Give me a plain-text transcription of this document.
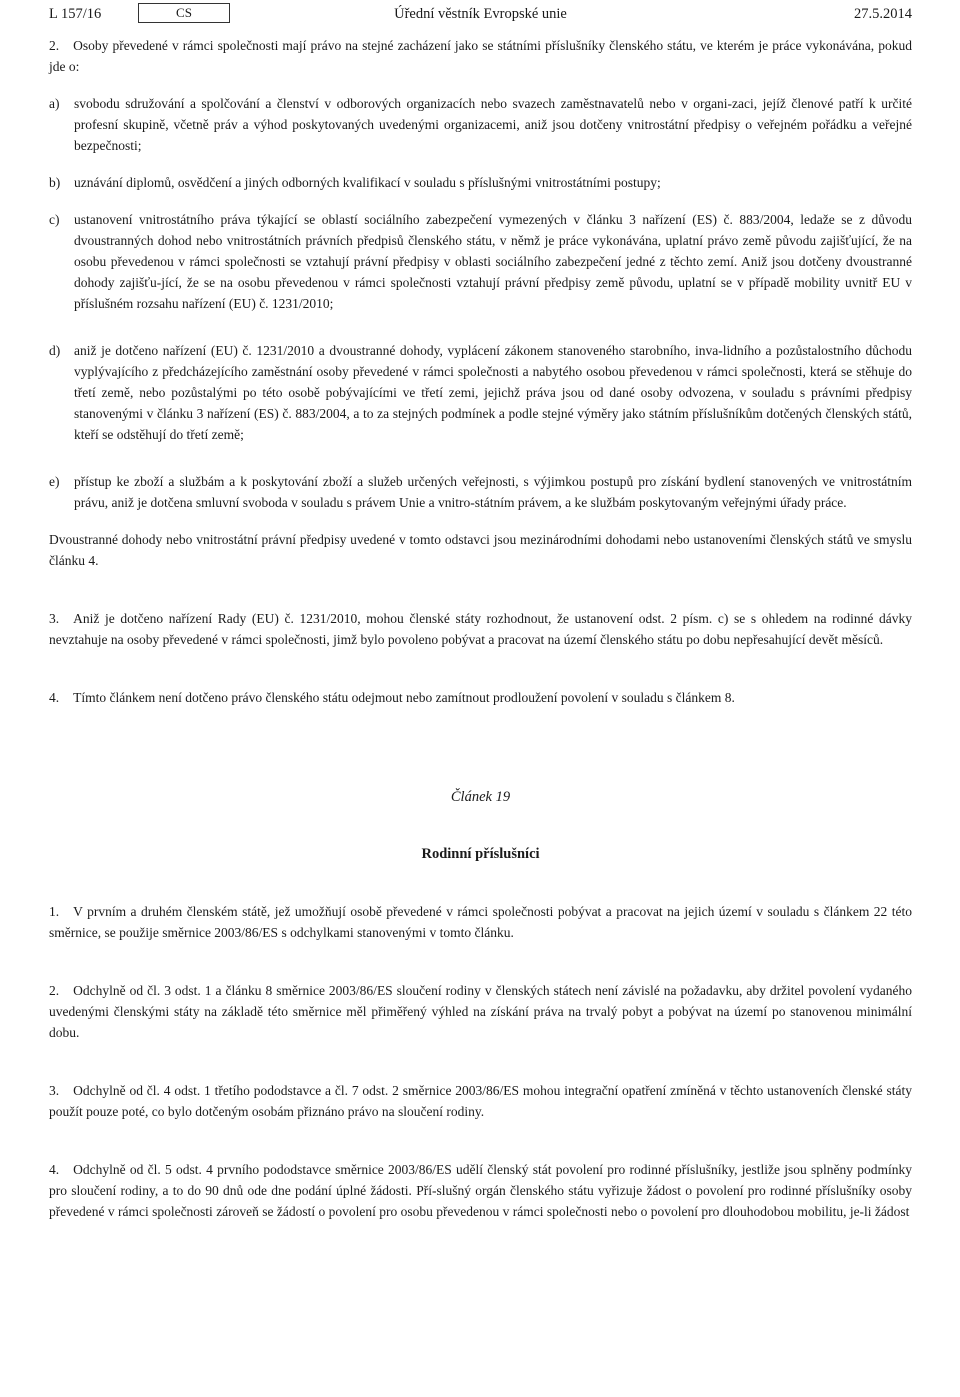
L 157/16	CS	Úřední věstník Evropské unie	27.5.2014

2. Osoby převedené v rámci společnosti mají právo na stejné zacházení jako se státními příslušníky členského státu, ve kterém je práce vykonávána, pokud jde o:

a)	svobodu sdružování a spolčování a členství v odborových organizacích nebo svazech zaměstnavatelů nebo v organi-zaci, jejíž členové patří k určité profesní skupině, včetně práv a výhod poskytovaných uvedenými organizacemi, aniž jsou dotčeny vnitrostátní předpisy o veřejném pořádku a veřejné bezpečnosti;
b)	uznávání diplomů, osvědčení a jiných odborných kvalifikací v souladu s příslušnými vnitrostátními postupy;
c)	ustanovení vnitrostátního práva týkající se oblastí sociálního zabezpečení vymezených v článku 3 nařízení (ES) č. 883/2004, ledaže se z důvodu dvoustranných dohod nebo vnitrostátních právních předpisů členského státu, v němž je práce vykonávána, uplatní právo země původu zajišťující, že na osobu převedenou v rámci společnosti se vztahují právní předpisy v oblasti sociálního zabezpečení jedné z těchto zemí. Aniž jsou dotčeny dvoustranné dohody zajišťu-jící, že se na osobu převedenou v rámci společnosti vztahují právní předpisy země původu, uplatní se v případě mobility uvnitř EU v příslušném rozsahu nařízení (EU) č. 1231/2010;
d)	aniž je dotčeno nařízení (EU) č. 1231/2010 a dvoustranné dohody, vyplácení zákonem stanoveného starobního, inva-lidního a pozůstalostního důchodu vyplývajícího z předcházejícího zaměstnání osoby převedené v rámci společnosti a nabytého osobou převedenou v rámci společnosti, která se stěhuje do třetí země, nebo pozůstalými po této osobě pobývajícími ve třetí zemi, jejichž práva jsou od dané osoby odvozena, v souladu s právními předpisy stanovenými v článku 3 nařízení (ES) č. 883/2004, a to za stejných podmínek a podle stejné výměry jako státním příslušníkům dotčených členských států, kteří se odstěhují do třetí země;
e)	přístup ke zboží a službám a k poskytování zboží a služeb určených veřejnosti, s výjimkou postupů pro získání bydlení stanovených ve vnitrostátním právu, aniž je dotčena smluvní svoboda v souladu s právem Unie a vnitro-státním právem, a ke službám poskytovaným veřejnými úřady práce.

Dvoustranné dohody nebo vnitrostátní právní předpisy uvedené v tomto odstavci jsou mezinárodními dohodami nebo ustanoveními členských států ve smyslu článku 4.

3. Aniž je dotčeno nařízení Rady (EU) č. 1231/2010, mohou členské státy rozhodnout, že ustanovení odst. 2 písm. c) se s ohledem na rodinné dávky nevztahuje na osoby převedené v rámci společnosti, jimž bylo povoleno pobývat a pracovat na území členského státu po dobu nepřesahující devět měsíců.

4. Tímto článkem není dotčeno právo členského státu odejmout nebo zamítnout prodloužení povolení v souladu s článkem 8.

Článek 19
Rodinní příslušníci

1. V prvním a druhém členském státě, jež umožňují osobě převedené v rámci společnosti pobývat a pracovat na jejich území v souladu s článkem 22 této směrnice, se použije směrnice 2003/86/ES s odchylkami stanovenými v tomto článku.

2. Odchylně od čl. 3 odst. 1 a článku 8 směrnice 2003/86/ES sloučení rodiny v členských státech není závislé na požadavku, aby držitel povolení vydaného uvedenými členskými státy na základě této směrnice měl přiměřený výhled na získání práva na trvalý pobyt a pobývat na území po stanovenou minimální dobu.

3. Odchylně od čl. 4 odst. 1 třetího pododstavce a čl. 7 odst. 2 směrnice 2003/86/ES mohou integrační opatření zmíněná v těchto ustanoveních členské státy použít pouze poté, co bylo dotčeným osobám přiznáno právo na sloučení rodiny.

4. Odchylně od čl. 5 odst. 4 prvního pododstavce směrnice 2003/86/ES udělí členský stát povolení pro rodinné příslušníky, jestliže jsou splněny podmínky pro sloučení rodiny, a to do 90 dnů ode dne podání úplné žádosti. Pří-slušný orgán členského státu vyřizuje žádost o povolení pro rodinné příslušníky osoby převedené v rámci společnosti zároveň se žádostí o povolení pro osobu převedenou v rámci společnosti nebo o povolení pro dlouhodobou mobilitu, je-li žádost
